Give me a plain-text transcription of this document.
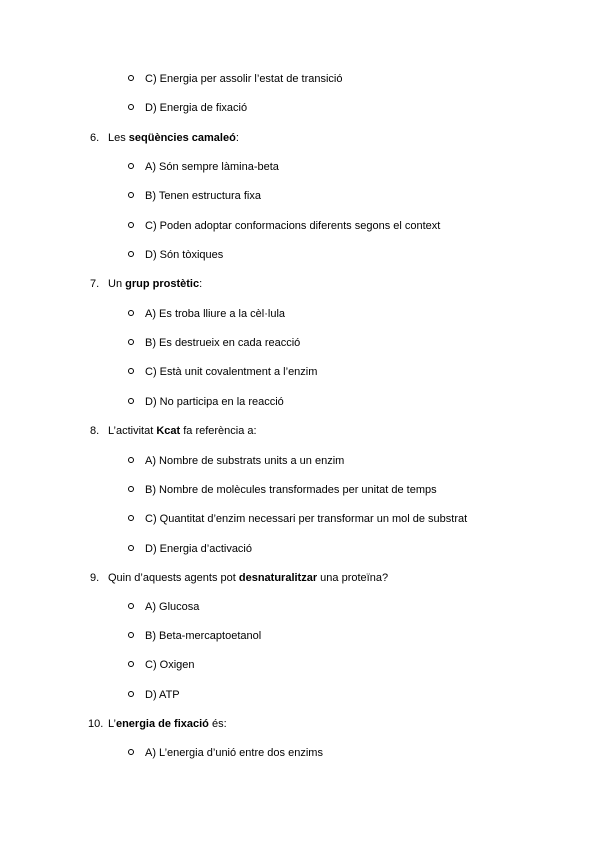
C) Energia per assolir l’estat de transició
D) Energia de fixació
6. Les seqüències camaleó:
A) Són sempre làmina-beta
B) Tenen estructura fixa
C) Poden adoptar conformacions diferents segons el context
D) Són tòxiques
7. Un grup prostètic:
A) Es troba lliure a la cèl·lula
B) Es destrueix en cada reacció
C) Està unit covalentment a l’enzim
D) No participa en la reacció
8. L’activitat Kcat fa referència a:
A) Nombre de substrats units a un enzim
B) Nombre de molècules transformades per unitat de temps
C) Quantitat d’enzim necessari per transformar un mol de substrat
D) Energia d’activació
9. Quin d’aquests agents pot desnaturalitzar una proteïna?
A) Glucosa
B) Beta-mercaptoetanol
C) Oxigen
D) ATP
10. L’energia de fixació és:
A) L’energia d’unió entre dos enzims
